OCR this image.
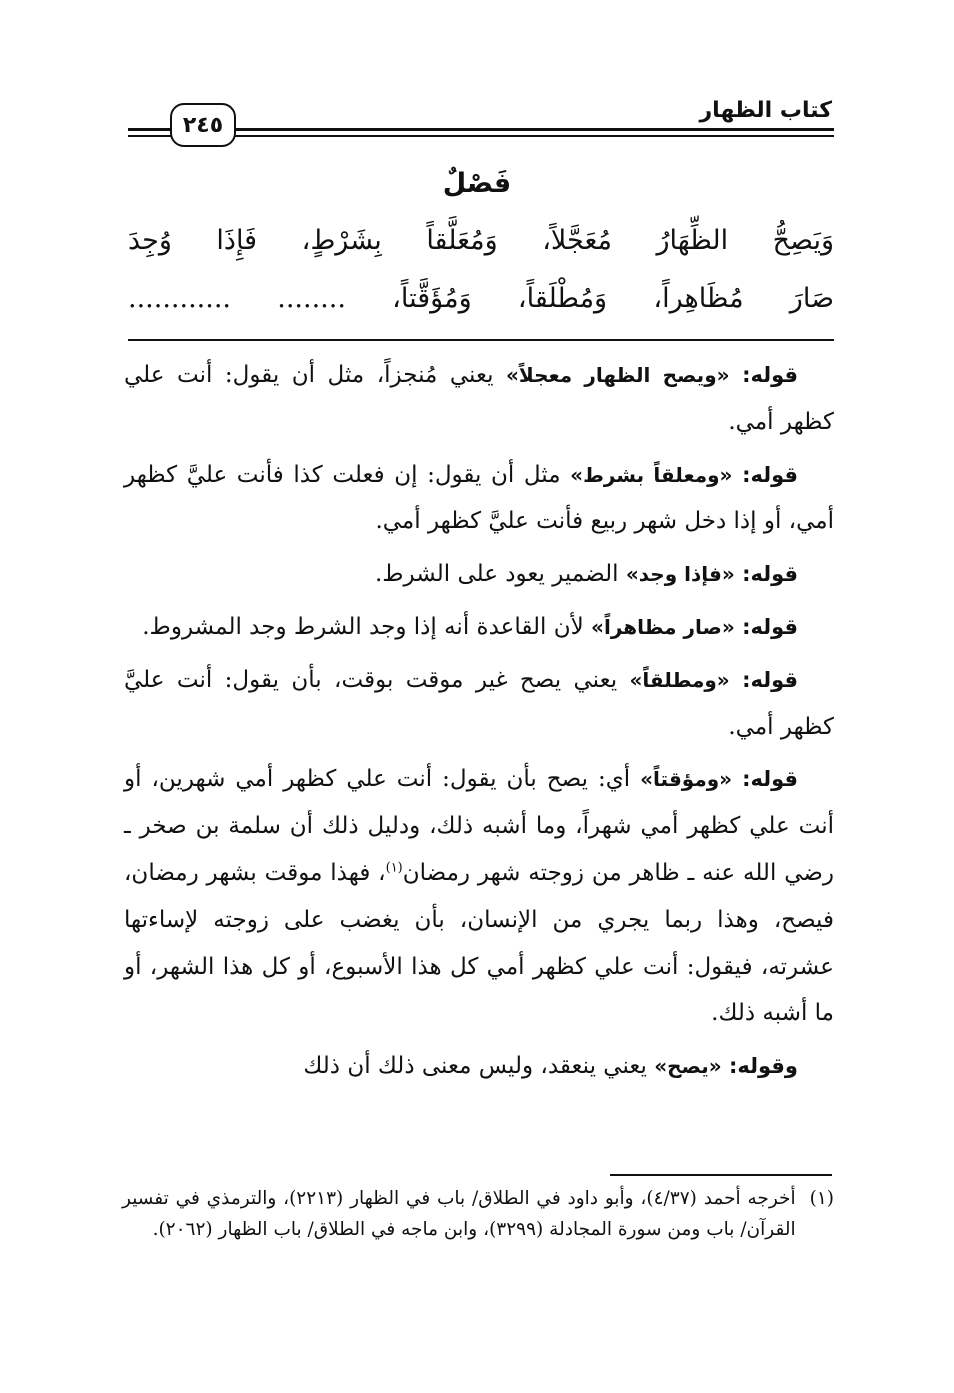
كتاب الظهار
٢٤٥
فَصْلٌ
وَيَصِحُّ الظِّهَارُ مُعَجَّلاً، وَمُعَلَّقاً بِشَرْطٍ، فَإِذَا وُجِدَ
صَارَ مُظَاهِراً، وَمُطْلَقاً، وَمُؤَقَّتاً، ........ ............

قوله: «ويصح الظهار معجلاً» يعني مُنجزاً، مثل أن يقول: أنت علي كظهر أمي.

قوله: «ومعلقاً بشرط» مثل أن يقول: إن فعلت كذا فأنت عليَّ كظهر أمي، أو إذا دخل شهر ربيع فأنت عليَّ كظهر أمي.

قوله: «فإذا وجد» الضمير يعود على الشرط.

قوله: «صار مظاهراً» لأن القاعدة أنه إذا وجد الشرط وجد المشروط.

قوله: «ومطلقاً» يعني يصح غير موقت بوقت، بأن يقول: أنت عليَّ كظهر أمي.

قوله: «ومؤقتاً» أي: يصح بأن يقول: أنت علي كظهر أمي شهرين، أو أنت علي كظهر أمي شهراً، وما أشبه ذلك، ودليل ذلك أن سلمة بن صخر ـ رضي الله عنه ـ ظاهر من زوجته شهر رمضان$^{(١)}$، فهذا موقت بشهر رمضان، فيصح، وهذا ربما يجري من الإنسان، بأن يغضب على زوجته لإساءتها عشرته، فيقول: أنت علي كظهر أمي كل هذا الأسبوع، أو كل هذا الشهر، أو ما أشبه ذلك.

وقوله: «يصح» يعني ينعقد، وليس معنى ذلك أن ذلك

(١)
أخرجه أحمد (٤/٣٧)، وأبو داود في الطلاق/ باب في الظهار (٢٢١٣)، والترمذي في تفسير القرآن/ باب ومن سورة المجادلة (٣٢٩٩)، وابن ماجه في الطلاق/ باب الظهار (٢٠٦٢).
